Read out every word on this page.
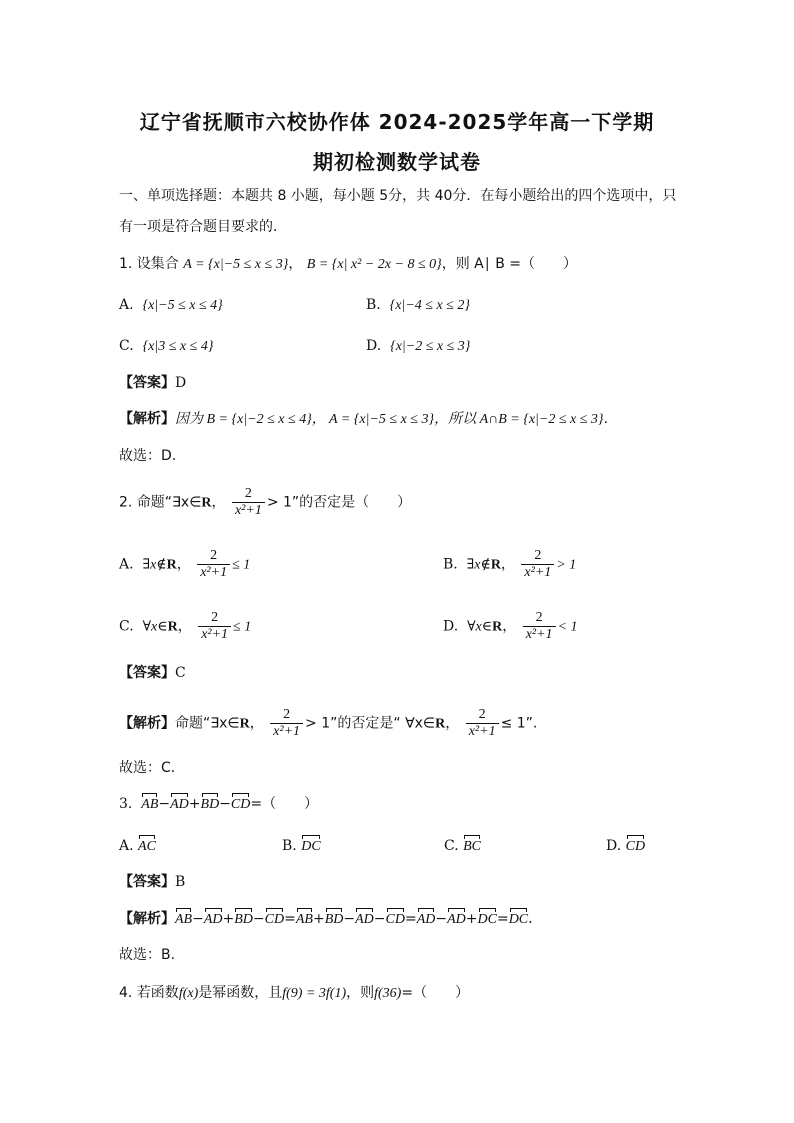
辽宁省抚顺市六校协作体 2024-2025学年高一下学期
期初检测数学试卷
一、单项选择题：本题共 8 小题，每小题 5分，共 40分．在每小题给出的四个选项中，只
有一项是符合题目要求的．
1. 设集合 A = {x|−5 ≤ x ≤ 3}， B = {x| x² − 2x − 8 ≤ 0}，则 A∣ B =（　　）
A. {x|−5 ≤ x ≤ 4}	B. {x|−4 ≤ x ≤ 2}
C. {x|3 ≤ x ≤ 4}	D. {x|−2 ≤ x ≤ 3}
【答案】D
【解析】因为 B = {x|−2 ≤ x ≤ 4}， A = {x|−5 ≤ x ≤ 3}，所以 A∩B = {x|−2 ≤ x ≤ 3}．
故选：D.
2. 命题“∃x∈R， $\frac{2}{\text{x²+1}} > 1$”的否定是（　　）
A. ∃x∉R， $\frac{2}{\text{x²+1}} \le 1$	B. ∃x∉R， $\frac{2}{\text{x²+1}} > 1$
C. ∀x∈R， $\frac{2}{\text{x²+1}} \le 1$	D. ∀x∈R， $\frac{2}{\text{x²+1}} < 1$
【答案】C
【解析】命题“∃x∈R， $\frac{2}{\text{x²+1}} > 1$”的否定是“ ∀x∈R， $\frac{2}{\text{x²+1}} \le 1$”.
故选：C．
3. AB−AD+BD−CD=（　　）
A. AC	B. DC	C. BC	D. CD
【答案】B
【解析】AB−AD+BD−CD=AB+BD−AD−CD=AD−AD+DC=DC．
故选：B.
4. 若函数f(x)是幂函数，且f(9) = 3f(1)，则f(36)=（　　）
